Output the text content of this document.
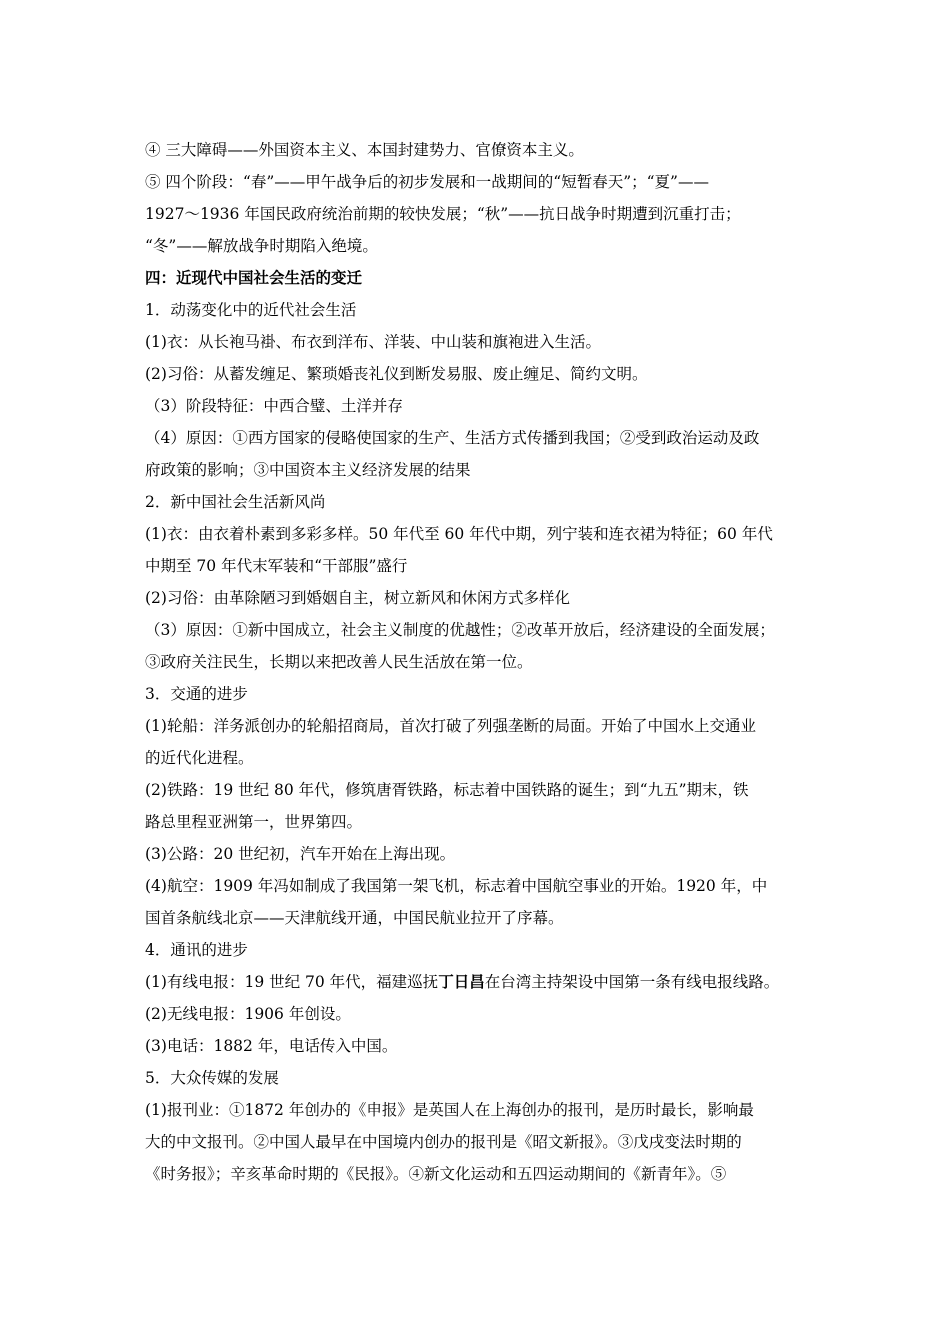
④ 三大障碍——外国资本主义、本国封建势力、官僚资本主义。
⑤ 四个阶段：“春”——甲午战争后的初步发展和一战期间的“短暂春天”；“夏”——
1927～1936 年国民政府统治前期的较快发展；“秋”——抗日战争时期遭到沉重打击；
“冬”——解放战争时期陷入绝境。
四：近现代中国社会生活的变迁
1．动荡变化中的近代社会生活
(1)衣：从长袍马褂、布衣到洋布、洋装、中山装和旗袍进入生活。
(2)习俗：从蓄发缠足、繁琐婚丧礼仪到断发易服、废止缠足、简约文明。
（3）阶段特征：中西合璧、土洋并存
（4）原因：①西方国家的侵略使国家的生产、生活方式传播到我国；②受到政治运动及政
府政策的影响；③中国资本主义经济发展的结果
2．新中国社会生活新风尚
(1)衣：由衣着朴素到多彩多样。50 年代至 60 年代中期，列宁装和连衣裙为特征；60 年代
中期至 70 年代末军装和“干部服”盛行
(2)习俗：由革除陋习到婚姻自主，树立新风和休闲方式多样化
（3）原因：①新中国成立，社会主义制度的优越性；②改革开放后，经济建设的全面发展；
③政府关注民生，长期以来把改善人民生活放在第一位。
3．交通的进步
(1)轮船：洋务派创办的轮船招商局，首次打破了列强垄断的局面。开始了中国水上交通业
的近代化进程。
(2)铁路：19 世纪 80 年代，修筑唐胥铁路，标志着中国铁路的诞生；到“九五”期末，铁
路总里程亚洲第一，世界第四。
(3)公路：20 世纪初，汽车开始在上海出现。
(4)航空：1909 年冯如制成了我国第一架飞机，标志着中国航空事业的开始。1920 年，中
国首条航线北京——天津航线开通，中国民航业拉开了序幕。
4．通讯的进步
(1)有线电报：19 世纪 70 年代，福建巡抚丁日昌在台湾主持架设中国第一条有线电报线路。
(2)无线电报：1906 年创设。
(3)电话：1882 年，电话传入中国。
5．大众传媒的发展
(1)报刊业：①1872 年创办的《申报》是英国人在上海创办的报刊，是历时最长，影响最
大的中文报刊。②中国人最早在中国境内创办的报刊是《昭文新报》。③戊戌变法时期的
《时务报》；辛亥革命时期的《民报》。④新文化运动和五四运动期间的《新青年》。⑤
